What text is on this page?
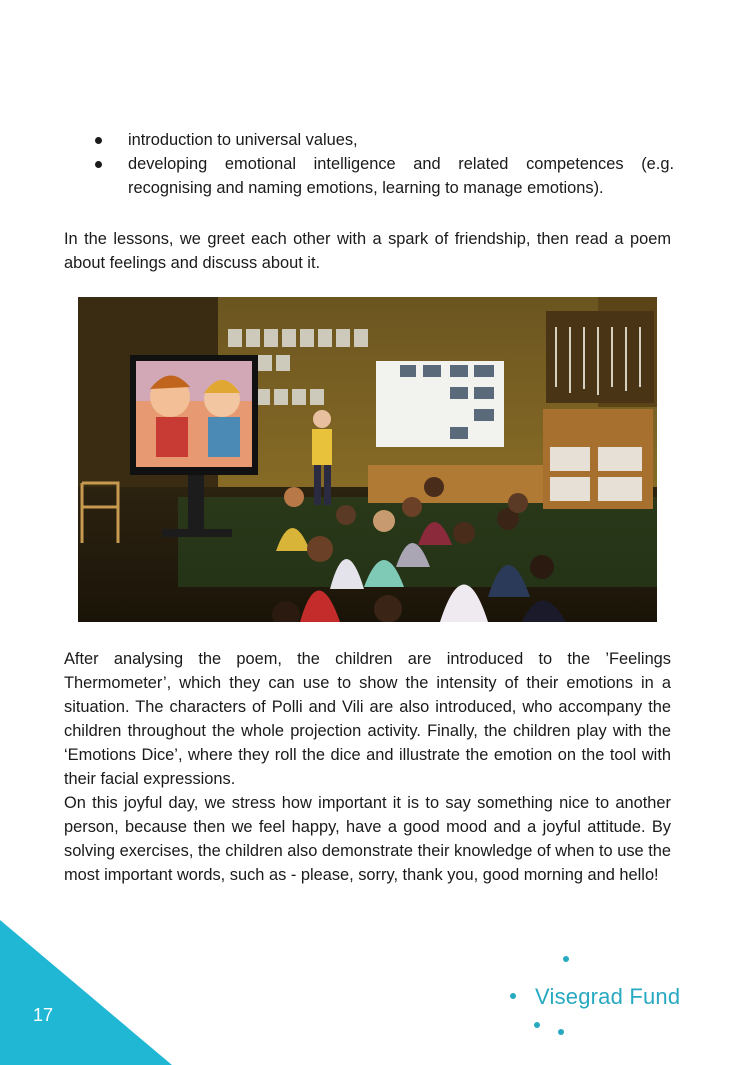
introduction to universal values,
developing emotional intelligence and related competences (e.g. recognising and naming emotions, learning to manage emotions).

In the lessons, we greet each other with a spark of friendship, then read a poem about feelings and discuss about it.

After analysing the poem, the children are introduced to the ’Feelings Thermometer’, which they can use to show the intensity of their emotions in a situation. The characters of Polli and Vili are also introduced, who accompany the children throughout the whole projection activity. Finally, the children play with the ‘Emotions Dice’, where they roll the dice and illustrate the emotion on the tool with their facial expressions.

On this joyful day, we stress how important it is to say something nice to another person, because then we feel happy, have a good mood and a joyful attitude. By solving exercises, the children also demonstrate their knowledge of when to use the most important words, such as - please, sorry, thank you, good morning and hello!

17
Visegrad Fund
